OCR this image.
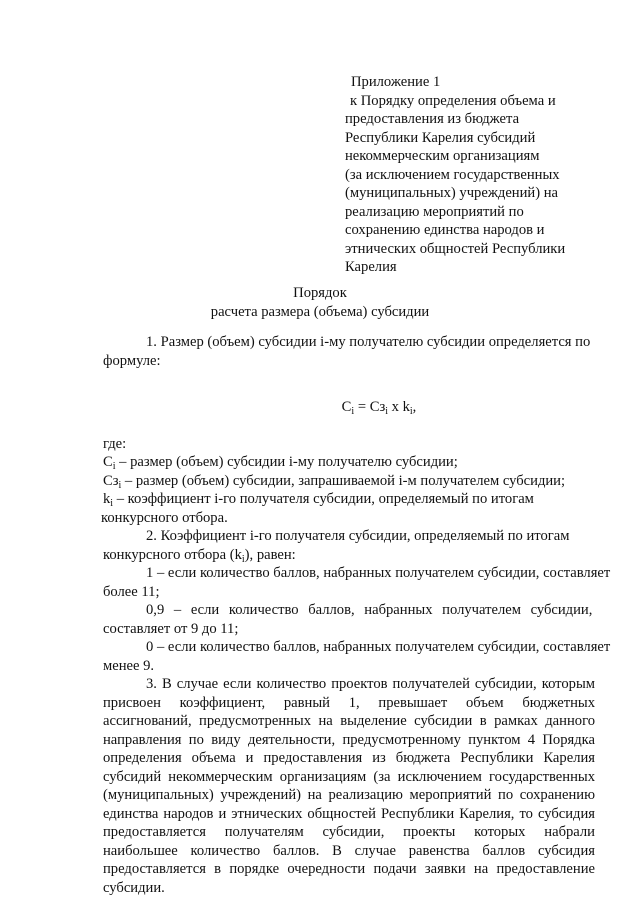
Приложение 1
к Порядку определения объема и
предоставления из бюджета
Республики Карелия субсидий
некоммерческим организациям
(за исключением государственных
(муниципальных) учреждений) на
реализацию мероприятий по
сохранению единства народов и
этнических общностей Республики
Карелия
Порядок
расчета размера (объема) субсидии
1. Размер (объем) субсидии i-му получателю субсидии определяется по
формуле:
$C_i = Сз_i$ x $k_i$,
где:
$C_i$ – размер (объем) субсидии i-му получателю субсидии;
$Сз_i$ – размер (объем) субсидии, запрашиваемой i-м получателем субсидии;
$k_i$ – коэффициент i-го получателя субсидии, определяемый по итогам
конкурсного отбора.
2. Коэффициент i-го получателя субсидии, определяемый по итогам
конкурсного отбора $(k_i)$, равен:
1 – если количество баллов, набранных получателем субсидии, составляет
более 11;
0,9 – если количество баллов, набранных получателем субсидии,
составляет от 9 до 11;
0 – если количество баллов, набранных получателем субсидии, составляет
менее 9.

3. В случае если количество проектов получателей субсидии, которым присвоен коэффициент, равный 1, превышает объем бюджетных ассигнований, предусмотренных на выделение субсидии в рамках данного направления по виду деятельности, предусмотренному пунктом 4 Порядка определения объема и предоставления из бюджета Республики Карелия субсидий некоммерческим организациям (за исключением государственных (муниципальных) учреждений) на реализацию мероприятий по сохранению единства народов и этнических общностей Республики Карелия, то субсидия предоставляется получателям субсидии, проекты которых набрали наибольшее количество баллов. В случае равенства баллов субсидия предоставляется в порядке очередности подачи заявки на предоставление субсидии.
